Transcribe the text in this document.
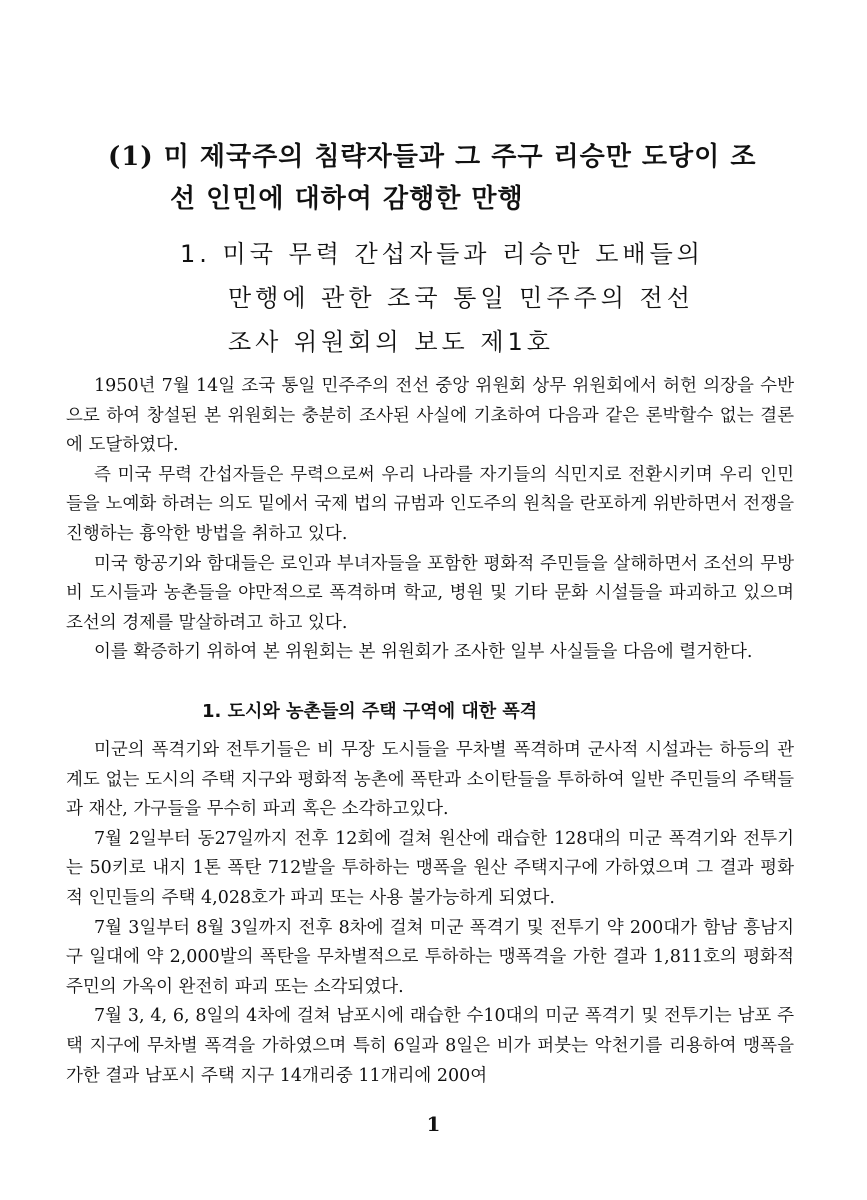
(1) 미 제국주의 침략자들과 그 주구 리승만 도당이 조
선 인민에 대하여 감행한 만행
1. 미국 무력 간섭자들과 리승만 도배들의
만행에 관한 조국 통일 민주주의 전선
조사 위원회의 보도 제1호

1950년 7월 14일 조국 통일 민주주의 전선 중앙 위원회 상무 위원회에서 허헌 의장을 수반으로 하여 창설된 본 위원회는 충분히 조사된 사실에 기초하여 다음과 같은 론박할수 없는 결론에 도달하였다.

즉 미국 무력 간섭자들은 무력으로써 우리 나라를 자기들의 식민지로 전환시키며 우리 인민들을 노예화 하려는 의도 밑에서 국제 법의 규범과 인도주의 원칙을 란포하게 위반하면서 전쟁을 진행하는 흉악한 방법을 취하고 있다.

미국 항공기와 함대들은 로인과 부녀자들을 포함한 평화적 주민들을 살해하면서 조선의 무방비 도시들과 농촌들을 야만적으로 폭격하며 학교, 병원 및 기타 문화 시설들을 파괴하고 있으며 조선의 경제를 말살하려고 하고 있다.

이를 확증하기 위하여 본 위원회는 본 위원회가 조사한 일부 사실들을 다음에 렬거한다.

1. 도시와 농촌들의 주택 구역에 대한 폭격

미군의 폭격기와 전투기들은 비 무장 도시들을 무차별 폭격하며 군사적 시설과는 하등의 관계도 없는 도시의 주택 지구와 평화적 농촌에 폭탄과 소이탄들을 투하하여 일반 주민들의 주택들과 재산, 가구들을 무수히 파괴 혹은 소각하고있다.

7월 2일부터 동27일까지 전후 12회에 걸쳐 원산에 래습한 128대의 미군 폭격기와 전투기는 50키로 내지 1톤 폭탄 712발을 투하하는 맹폭을 원산 주택지구에 가하였으며 그 결과 평화적 인민들의 주택 4,028호가 파괴 또는 사용 불가능하게 되였다.

7월 3일부터 8월 3일까지 전후 8차에 걸쳐 미군 폭격기 및 전투기 약 200대가 함남 흥남지구 일대에 약 2,000발의 폭탄을 무차별적으로 투하하는 맹폭격을 가한 결과 1,811호의 평화적 주민의 가옥이 완전히 파괴 또는 소각되였다.

7월 3, 4, 6, 8일의 4차에 걸쳐 남포시에 래습한 수10대의 미군 폭격기 및 전투기는 남포 주택 지구에 무차별 폭격을 가하였으며 특히 6일과 8일은 비가 퍼붓는 악천기를 리용하여 맹폭을 가한 결과 남포시 주택 지구 14개리중 11개리에 200여

1
